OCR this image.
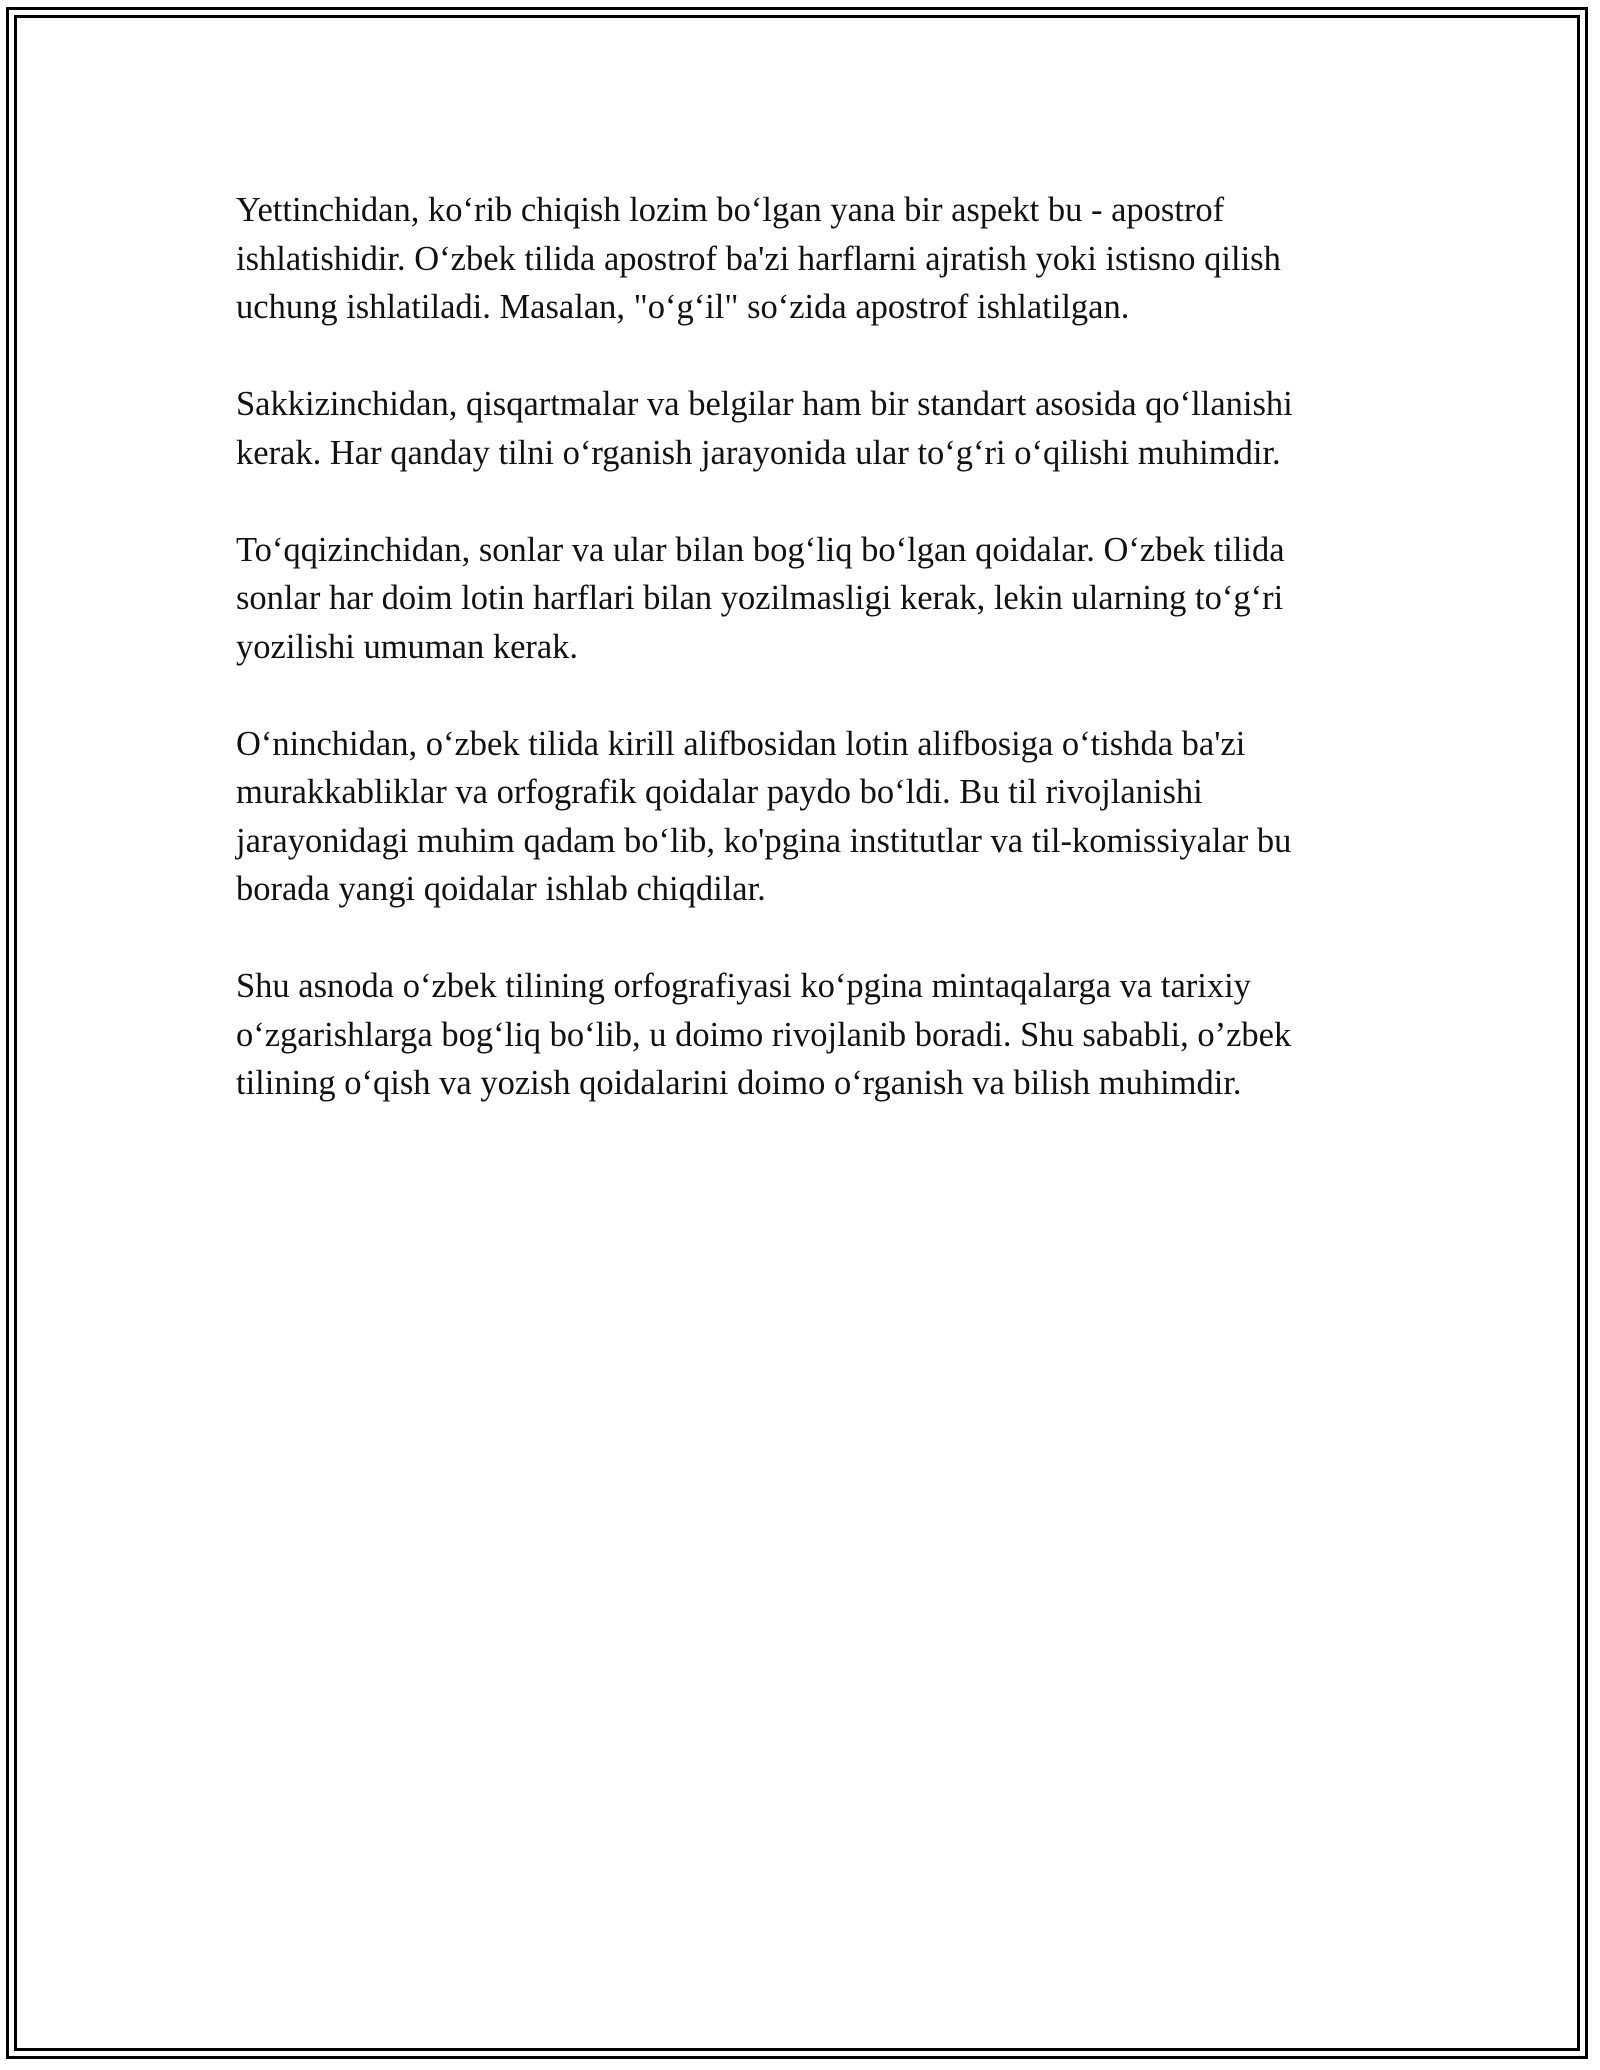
Yettinchidan, ko‘rib chiqish lozim bo‘lgan yana bir aspekt bu - apostrof ishlatishidir. O‘zbek tilida apostrof ba'zi harflarni ajratish yoki istisno qilish uchung ishlatiladi. Masalan, "o‘g‘il" so‘zida apostrof ishlatilgan.

Sakkizinchidan, qisqartmalar va belgilar ham bir standart asosida qo‘llanishi kerak. Har qanday tilni o‘rganish jarayonida ular to‘g‘ri o‘qilishi muhimdir.

To‘qqizinchidan, sonlar va ular bilan bog‘liq bo‘lgan qoidalar. O‘zbek tilida sonlar har doim lotin harflari bilan yozilmasligi kerak, lekin ularning to‘g‘ri yozilishi umuman kerak.

O‘ninchidan, o‘zbek tilida kirill alifbosidan lotin alifbosiga o‘tishda ba'zi murakkabliklar va orfografik qoidalar paydo bo‘ldi. Bu til rivojlanishi jarayonidagi muhim qadam bo‘lib, ko'pgina institutlar va til-komissiyalar bu borada yangi qoidalar ishlab chiqdilar.

Shu asnoda o‘zbek tilining orfografiyasi ko‘pgina mintaqalarga va tarixiy o‘zgarishlarga bog‘liq bo‘lib, u doimo rivojlanib boradi. Shu sababli, o’zbek tilining o‘qish va yozish qoidalarini doimo o‘rganish va bilish muhimdir.
